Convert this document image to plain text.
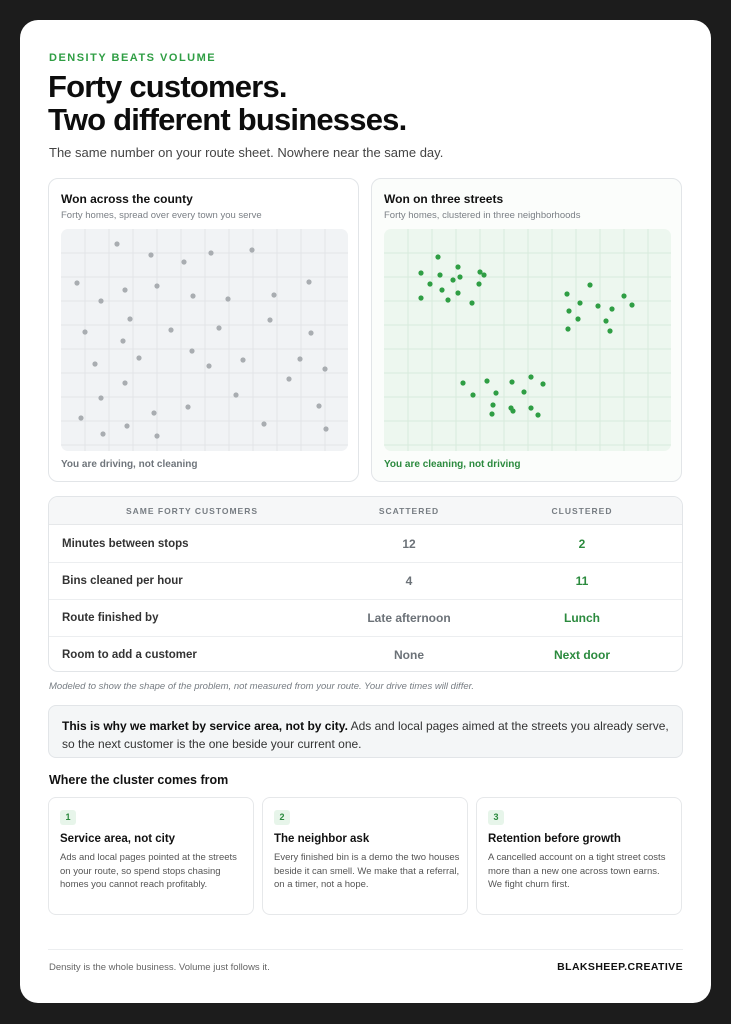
DENSITY BEATS VOLUME
Forty customers.
Two different businesses.
The same number on your route sheet. Nowhere near the same day.
Won across the county
Forty homes, spread over every town you serve
You are driving, not cleaning
Won on three streets
Forty homes, clustered in three neighborhoods
You are cleaning, not driving
SAME FORTY CUSTOMERS	SCATTERED	CLUSTERED
Minutes between stops	12	2
Bins cleaned per hour	4	11
Route finished by	Late afternoon	Lunch
Room to add a customer	None	Next door
Modeled to show the shape of the problem, not measured from your route. Your drive times will differ.
This is why we market by service area, not by city. Ads and local pages aimed at the streets you already serve, so the next customer is the one beside your current one.
Where the cluster comes from
1
Service area, not city
Ads and local pages pointed at the streets on your route, so spend stops chasing homes you cannot reach profitably.
2
The neighbor ask
Every finished bin is a demo the two houses beside it can smell. We make that a referral, on a timer, not a hope.
3
Retention before growth
A cancelled account on a tight street costs more than a new one across town earns. We fight churn first.
Density is the whole business. Volume just follows it.	BLAKSHEEP.CREATIVE
